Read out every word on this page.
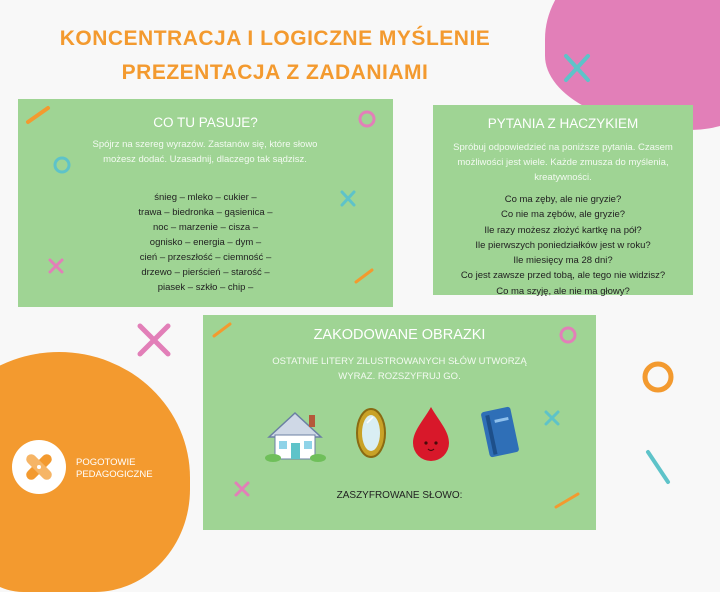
KONCENTRACJA I LOGICZNE MYŚLENIE
PREZENTACJA Z ZADANIAMI
CO TU PASUJE?
Spójrz na szereg wyrazów. Zastanów się, które słowo możesz dodać. Uzasadnij, dlaczego tak sądzisz.
śnieg – mleko – cukier –
trawa – biedronka – gąsienica –
noc – marzenie – cisza –
ognisko – energia – dym –
cień – przeszłość – ciemność –
drzewo – pierścień – starość –
piasek – szkło – chip –
PYTANIA Z HACZYKIEM
Spróbuj odpowiedzieć na poniższe pytania. Czasem możliwości jest wiele. Każde zmusza do myślenia, kreatywności.
Co ma zęby, ale nie gryzie?
Co nie ma zębów, ale gryzie?
Ile razy możesz złożyć kartkę na pół?
Ile pierwszych poniedziałków jest w roku?
Ile miesięcy ma 28 dni?
Co jest zawsze przed tobą, ale tego nie widzisz?
Co ma szyję, ale nie ma głowy?
ZAKODOWANE OBRAZKI
OSTATNIE LITERY ZILUSTROWANYCH SŁÓW UTWORZĄ WYRAZ. ROZSZYFRUJ GO.
ZASZYFROWANE SŁOWO:
POGOTOWIE
PEDAGOGICZNE
